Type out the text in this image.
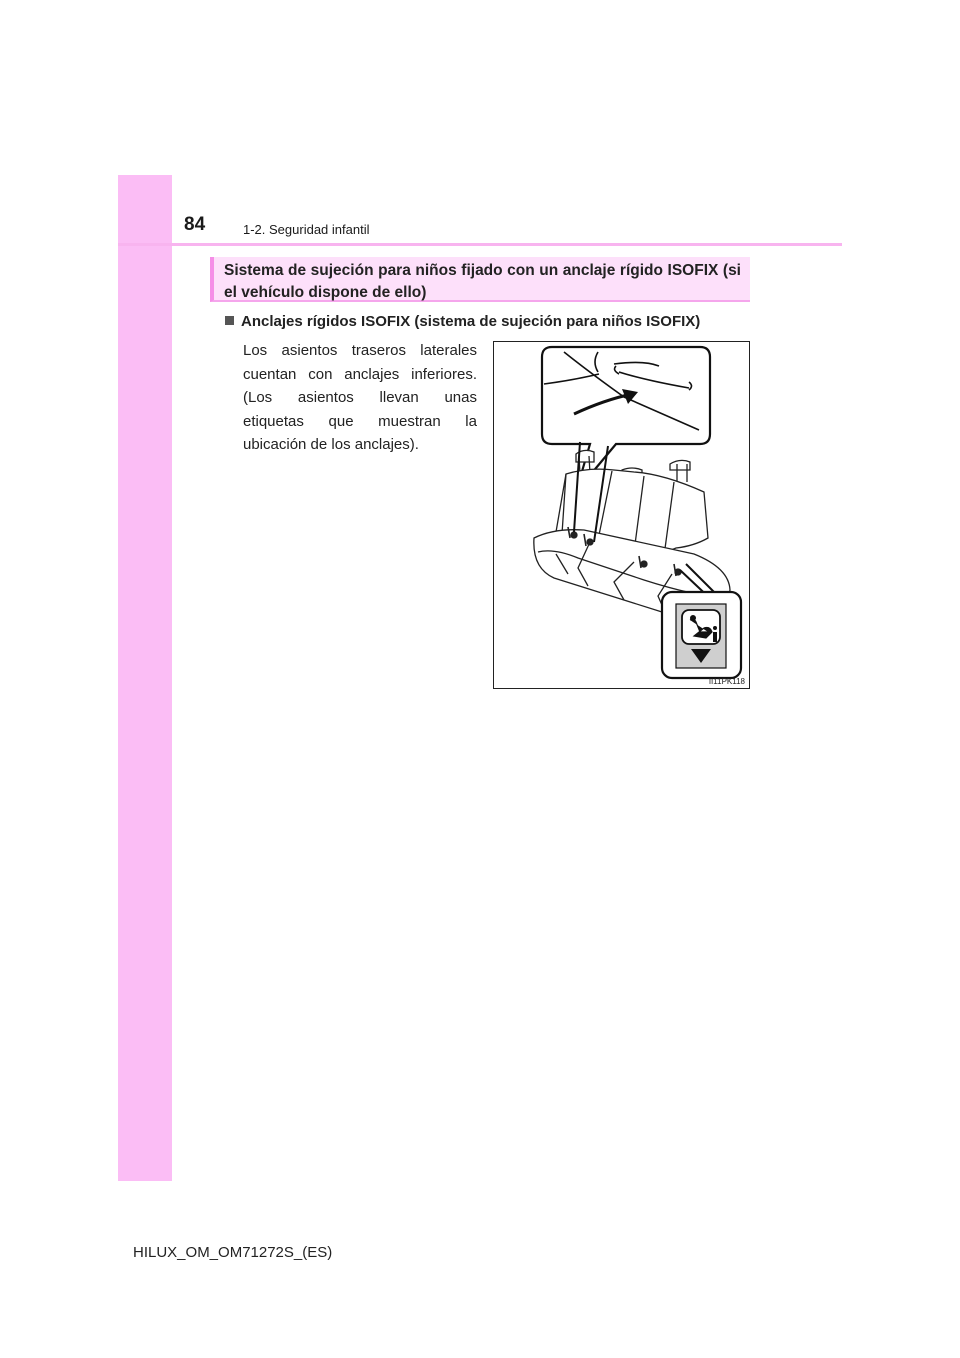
84	1-2. Seguridad infantil
Sistema de sujeción para niños fijado con un anclaje rígido ISOFIX (si el vehículo dispone de ello)
Anclajes rígidos ISOFIX (sistema de sujeción para niños ISOFIX)
Los asientos traseros laterales cuentan con anclajes inferiores. (Los asientos llevan unas etiquetas que muestran la ubicación de los anclajes).
II11PK118
HILUX_OM_OM71272S_(ES)
